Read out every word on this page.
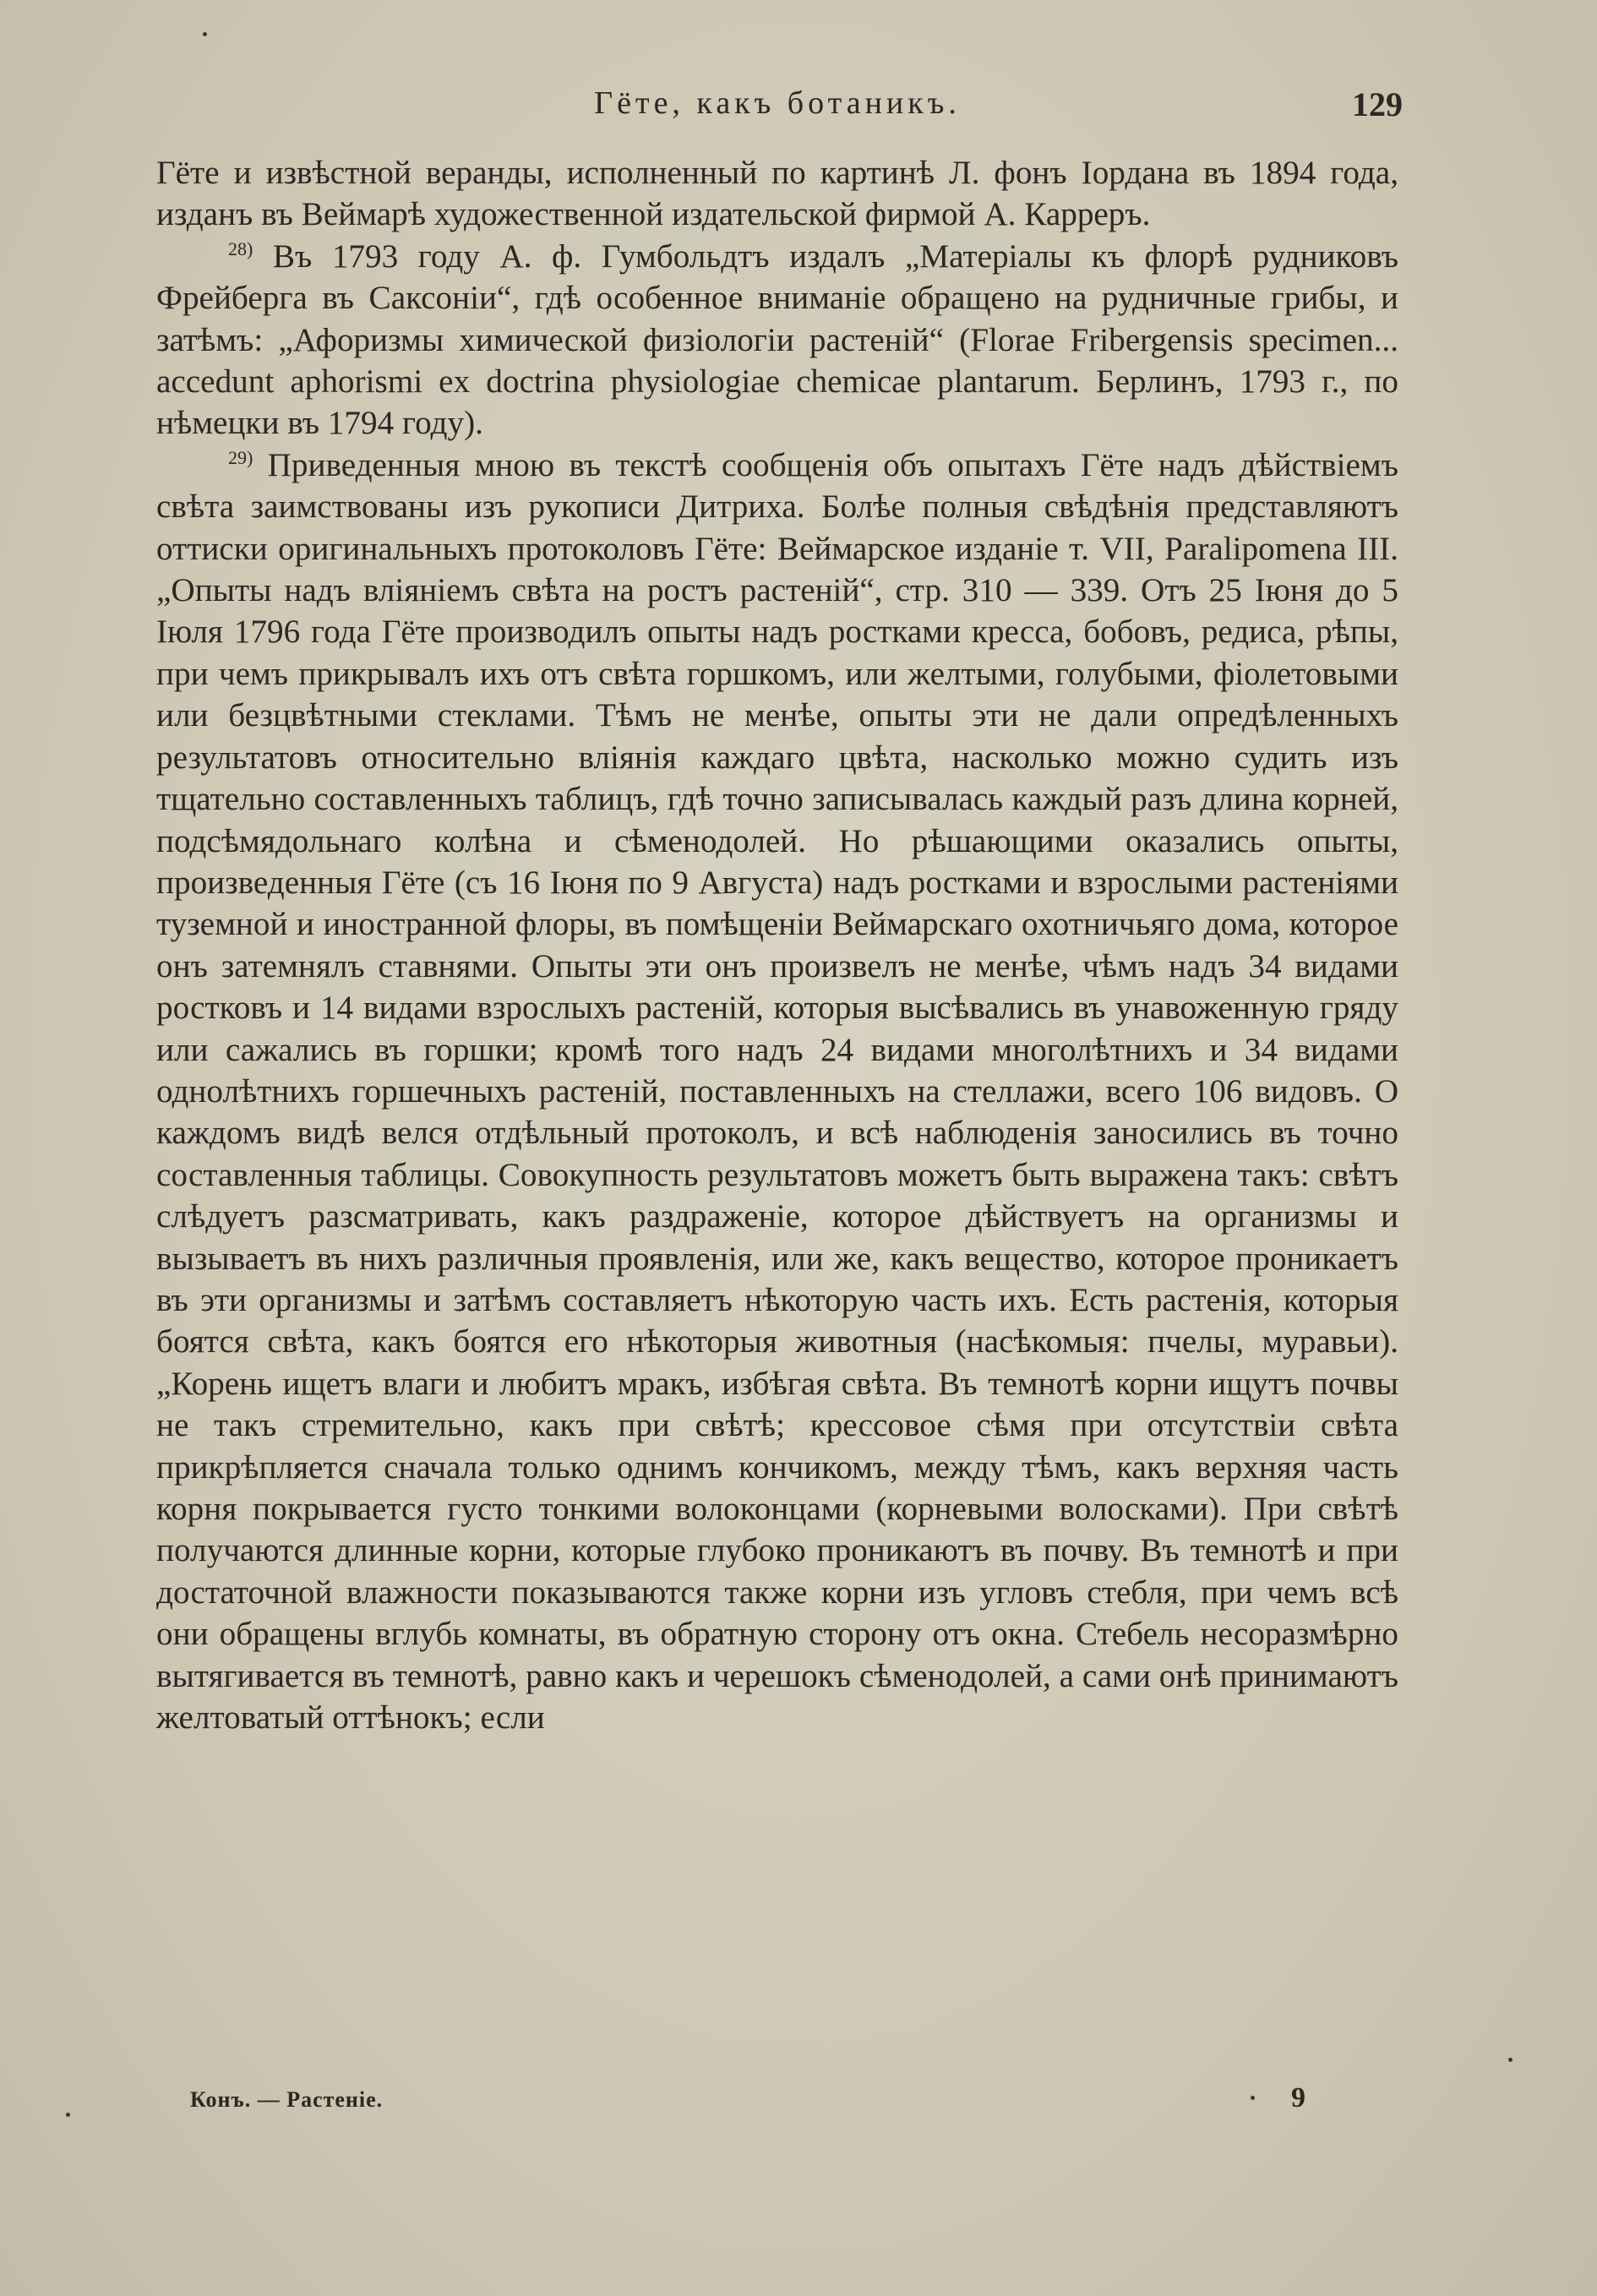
Гёте, какъ ботаникъ.	129

Гёте и извѣстной веранды, исполненный по картинѣ Л. фонъ Іордана въ 1894 года, изданъ въ Веймарѣ художественной издательской фирмой А. Карреръ.

$^{28)}$ Въ 1793 году А. ф. Гумбольдтъ издалъ „Матеріалы къ флорѣ рудниковъ Фрейберга въ Саксоніи“, гдѣ особенное вниманіе обращено на рудничные грибы, и затѣмъ: „Афоризмы химической физіологіи растеній“ (Florae Fribergensis specimen... accedunt aphorismi ex doctrina physiologiae chemicae plantarum. Берлинъ, 1793 г., по нѣмецки въ 1794 году).

$^{29)}$ Приведенныя мною въ текстѣ сообщенія объ опытахъ Гёте надъ дѣйствіемъ свѣта заимствованы изъ рукописи Дитриха. Болѣе полныя свѣдѣнія представляютъ оттиски оригинальныхъ протоколовъ Гёте: Веймарское изданіе т. VII, Paralipomena III. „Опыты надъ вліяніемъ свѣта на ростъ растеній“, стр. 310 — 339. Отъ 25 Іюня до 5 Іюля 1796 года Гёте производилъ опыты надъ ростками кресса, бобовъ, редиса, рѣпы, при чемъ прикрывалъ ихъ отъ свѣта горшкомъ, или желтыми, голубыми, фіолетовыми или безцвѣтными стеклами. Тѣмъ не менѣе, опыты эти не дали опредѣленныхъ результатовъ относительно вліянія каждаго цвѣта, насколько можно судить изъ тщательно составленныхъ таблицъ, гдѣ точно записывалась каждый разъ длина корней, подсѣмядольнаго колѣна и сѣменодолей. Но рѣшающими оказались опыты, произведенныя Гёте (съ 16 Іюня по 9 Августа) надъ ростками и взрослыми растеніями туземной и иностранной флоры, въ помѣщеніи Веймарскаго охотничьяго дома, которое онъ затемнялъ ставнями. Опыты эти онъ произвелъ не менѣе, чѣмъ надъ 34 видами ростковъ и 14 видами взрослыхъ растеній, которыя высѣвались въ унавоженную гряду или сажались въ горшки; кромѣ того надъ 24 видами многолѣтнихъ и 34 видами однолѣтнихъ горшечныхъ растеній, поставленныхъ на стеллажи, всего 106 видовъ. О каждомъ видѣ велся отдѣльный протоколъ, и всѣ наблюденія заносились въ точно составленныя таблицы. Совокупность результатовъ можетъ быть выражена такъ: свѣтъ слѣдуетъ разсматривать, какъ раздраженіе, которое дѣйствуетъ на организмы и вызываетъ въ нихъ различныя проявленія, или же, какъ вещество, которое проникаетъ въ эти организмы и затѣмъ составляетъ нѣкоторую часть ихъ. Есть растенія, которыя боятся свѣта, какъ боятся его нѣкоторыя животныя (насѣкомыя: пчелы, муравьи). „Корень ищетъ влаги и любитъ мракъ, избѣгая свѣта. Въ темнотѣ корни ищутъ почвы не такъ стремительно, какъ при свѣтѣ; крессовое сѣмя при отсутствіи свѣта прикрѣпляется сначала только однимъ кончикомъ, между тѣмъ, какъ верхняя часть корня покрывается густо тонкими волоконцами (корневыми волосками). При свѣтѣ получаются длинные корни, которые глубоко проникаютъ въ почву. Въ темнотѣ и при достаточной влажности показываются также корни изъ угловъ стебля, при чемъ всѣ они обращены вглубь комнаты, въ обратную сторону отъ окна. Стебель несоразмѣрно вытягивается въ темнотѣ, равно какъ и черешокъ сѣменодолей, а сами онѣ принимаютъ желтоватый оттѣнокъ; если

Конъ. — Растеніе.	9
